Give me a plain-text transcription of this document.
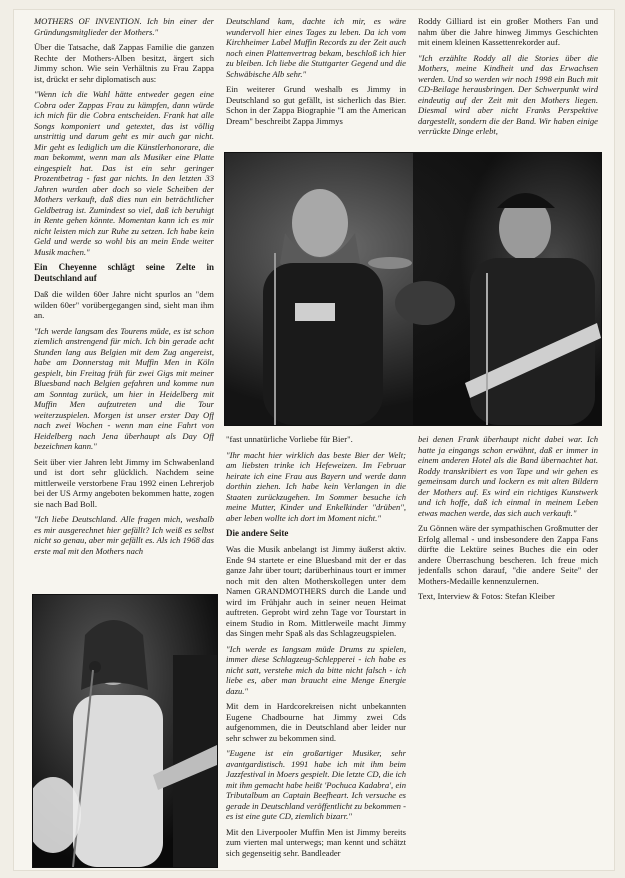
MOTHERS OF INVENTION. Ich bin einer der Gründungsmitglieder der Mothers."

Über die Tatsache, daß Zappas Familie die ganzen Rechte der Mothers-Alben besitzt, ärgert sich Jimmy schon. Wie sein Verhältnis zu Frau Zappa ist, drückt er sehr diplomatisch aus:

"Wenn ich die Wahl hätte entweder gegen eine Cobra oder Zappas Frau zu kämpfen, dann würde ich mich für die Cobra entscheiden. Frank hat alle Songs komponiert und getextet, das ist völlig unstrittig und darum geht es mir auch gar nicht. Mir geht es lediglich um die Künstlerhonorare, die man bekommt, wenn man als Musiker eine Platte eingespielt hat. Das ist ein sehr geringer Prozentbetrag - fast gar nichts. In den letzten 33 Jahren wurden aber doch so viele Scheiben der Mothers verkauft, daß dies nun ein beträchtlicher Geldbetrag ist. Zumindest so viel, daß ich beruhigt in Rente gehen könnte. Momentan kann ich es mir nicht leisten mich zur Ruhe zu setzen. Ich habe kein Geld und werde so wohl bis an mein Ende weiter Musik machen."

Ein Cheyenne schlägt seine Zelte in Deutschland auf

Daß die wilden 60er Jahre nicht spurlos an "dem wilden 60er" vorübergegangen sind, sieht man ihm an.

"Ich werde langsam des Tourens müde, es ist schon ziemlich anstrengend für mich. Ich bin gerade acht Stunden lang aus Belgien mit dem Zug angereist, habe am Donnerstag mit Muffin Men in Köln gespielt, bin Freitag früh für zwei Gigs mit meiner Bluesband nach Belgien gefahren und komme nun am Sonntag zurück, um hier in Heidelberg mit Muffin Men aufzutreten und die Tour weiterzuspielen. Morgen ist unser erster Day Off nach zwei Wochen - wenn man eine Fahrt von Heidelberg nach Jena überhaupt als Day Off bezeichnen kann."

Seit über vier Jahren lebt Jimmy im Schwabenland und ist dort sehr glücklich. Nachdem seine mittlerweile verstorbene Frau 1992 einen Lehrerjob bei der US Army angeboten bekommen hatte, zogen sie nach Bad Boll.

"Ich liebe Deutschland. Alle fragen mich, weshalb es mir ausgerechnet hier gefällt? Ich weiß es selbst nicht so genau, aber mir gefällt es. Als ich 1968 das erste mal mit den Mothers nach

Deutschland kam, dachte ich mir, es wäre wundervoll hier eines Tages zu leben. Da ich vom Kirchheimer Label Muffin Records zu der Zeit auch noch einen Plattenvertrag bekam, beschloß ich hier zu bleiben. Ich liebe die Stuttgarter Gegend und die Schwäbische Alb sehr."

Ein weiterer Grund weshalb es Jimmy in Deutschland so gut gefällt, ist sicherlich das Bier. Schon in der Zappa Biographie "I am the American Dream" beschreibt Zappa Jimmys

Roddy Gilliard ist ein großer Mothers Fan und nahm über die Jahre hinweg Jimmys Geschichten mit einem kleinen Kassettenrekorder auf.

"Ich erzählte Roddy all die Stories über die Mothers, meine Kindheit und das Erwachsen werden. Und so werden wir noch 1998 ein Buch mit CD-Beilage herausbringen. Der Schwerpunkt wird eindeutig auf der Zeit mit den Mothers liegen. Diesmal wird aber nicht Franks Perspektive dargestellt, sondern die der Band. Wir haben einige verrückte Dinge erlebt,

"fast unnatürliche Vorliebe für Bier".

"Ihr macht hier wirklich das beste Bier der Welt; am liebsten trinke ich Hefeweizen. Im Februar heirate ich eine Frau aus Bayern und werde dann dorthin ziehen. Ich habe kein Verlangen in die Staaten zurückzugehen. Im Sommer besuche ich meine Mutter, Kinder und Enkelkinder "drüben", aber leben wollte ich dort im Moment nicht."

Die andere Seite

Was die Musik anbelangt ist Jimmy äußerst aktiv. Ende 94 startete er eine Bluesband mit der er das ganze Jahr über tourt; darüberhinaus tourt er immer noch mit den alten Motherskollegen unter dem Namen GRANDMOTHERS durch die Lande und wird im Frühjahr auch in seiner neuen Heimat auftreten. Geprobt wird zehn Tage vor Tourstart in einem Studio in Rom. Mittlerweile macht Jimmy das Singen mehr Spaß als das Schlagzeugspielen.

"Ich werde es langsam müde Drums zu spielen, immer diese Schlagzeug-Schlepperei - ich habe es nicht satt, verstehe mich da bitte nicht falsch - ich liebe es, aber man braucht eine Menge Energie dazu."

Mit dem in Hardcorekreisen nicht unbekannten Eugene Chadbourne hat Jimmy zwei Cds aufgenommen, die in Deutschland aber leider nur sehr schwer zu bekommen sind.

"Eugene ist ein großartiger Musiker, sehr avantgardistisch. 1991 habe ich mit ihm beim Jazzfestival in Moers gespielt. Die letzte CD, die ich mit ihm gemacht habe heißt 'Pochuca Kadabra', ein Tributalbum an Captain Beefheart. Ich versuche es gerade in Deutschland veröffentlicht zu bekommen - es ist eine gute CD, ziemlich bizarr."

Mit den Liverpooler Muffin Men ist Jimmy bereits zum vierten mal unterwegs; man kennt und schätzt sich gegenseitig sehr. Bandleader

bei denen Frank überhaupt nicht dabei war. Ich hatte ja eingangs schon erwähnt, daß er immer in einem anderen Hotel als die Band übernachtet hat. Roddy transkribiert es von Tape und wir gehen es gemeinsam durch und lockern es mit alten Bildern der Mothers auf. Es wird ein richtiges Kunstwerk und ich hoffe, daß ich einmal in meinem Leben etwas machen werde, das sich auch verkauft."

Zu Gönnen wäre der sympathischen Großmutter der Erfolg allemal - und insbesondere den Zappa Fans dürfte die Lektüre seines Buches die ein oder andere Überraschung bescheren. Ich freue mich jedenfalls schon darauf, "die andere Seite" der Mothers-Medaille kennenzulernen.

Text, Interview & Fotos: Stefan Kleiber
